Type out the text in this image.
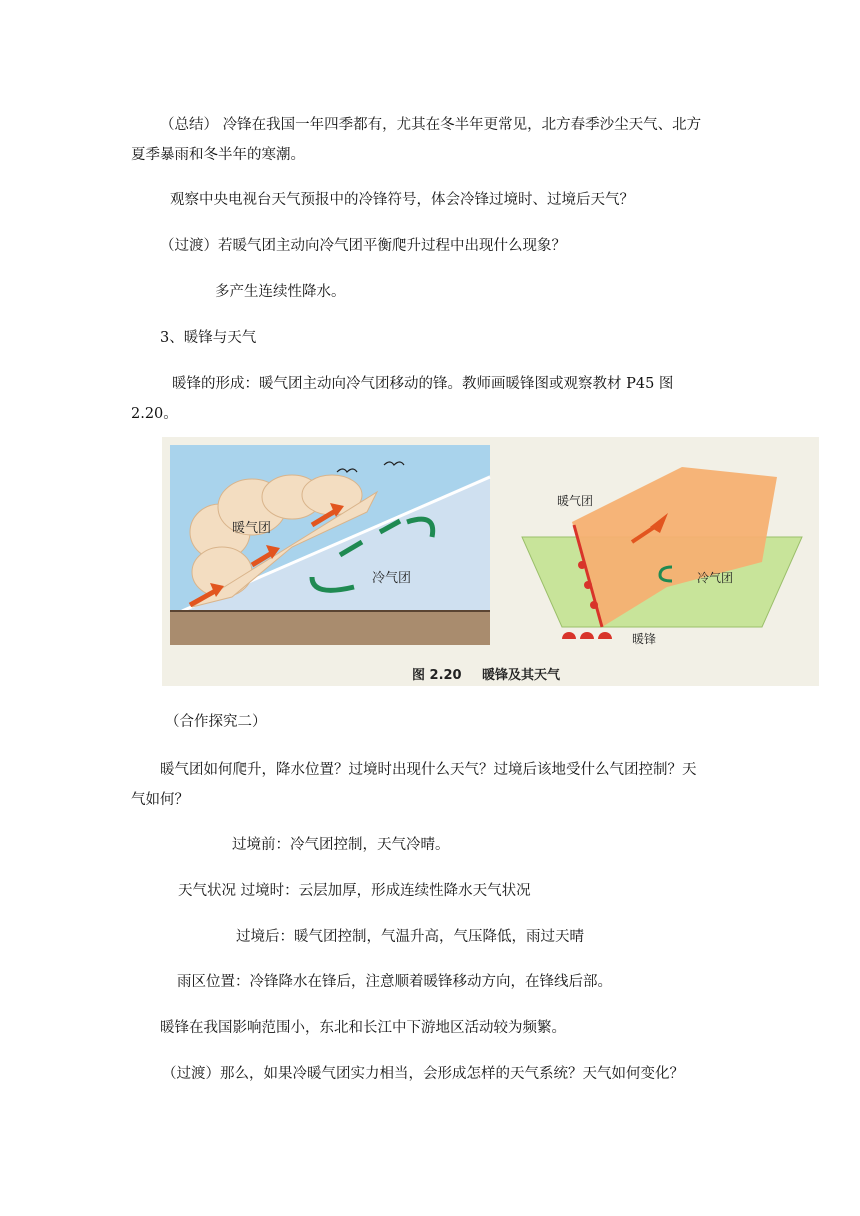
（总结） 冷锋在我国一年四季都有，尤其在冬半年更常见，北方春季沙尘天气、北方
夏季暴雨和冬半年的寒潮。
观察中央电视台天气预报中的冷锋符号，体会冷锋过境时、过境后天气？
（过渡）若暖气团主动向冷气团平衡爬升过程中出现什么现象？
多产生连续性降水。
3、暖锋与天气
暖锋的形成：暖气团主动向冷气团移动的锋。教师画暖锋图或观察教材 P45 图
2.20。
暖气团
冷气团
暖气团
冷气团
暖锋
图 2.20 暖锋及其天气
（合作探究二）
暖气团如何爬升，降水位置？过境时出现什么天气？过境后该地受什么气团控制？天
气如何？
过境前：冷气团控制，天气冷晴。
天气状况 过境时：云层加厚，形成连续性降水天气状况
过境后：暖气团控制，气温升高，气压降低，雨过天晴
雨区位置：冷锋降水在锋后，注意顺着暖锋移动方向，在锋线后部。
暖锋在我国影响范围小，东北和长江中下游地区活动较为频繁。
（过渡）那么，如果冷暖气团实力相当，会形成怎样的天气系统？天气如何变化？
